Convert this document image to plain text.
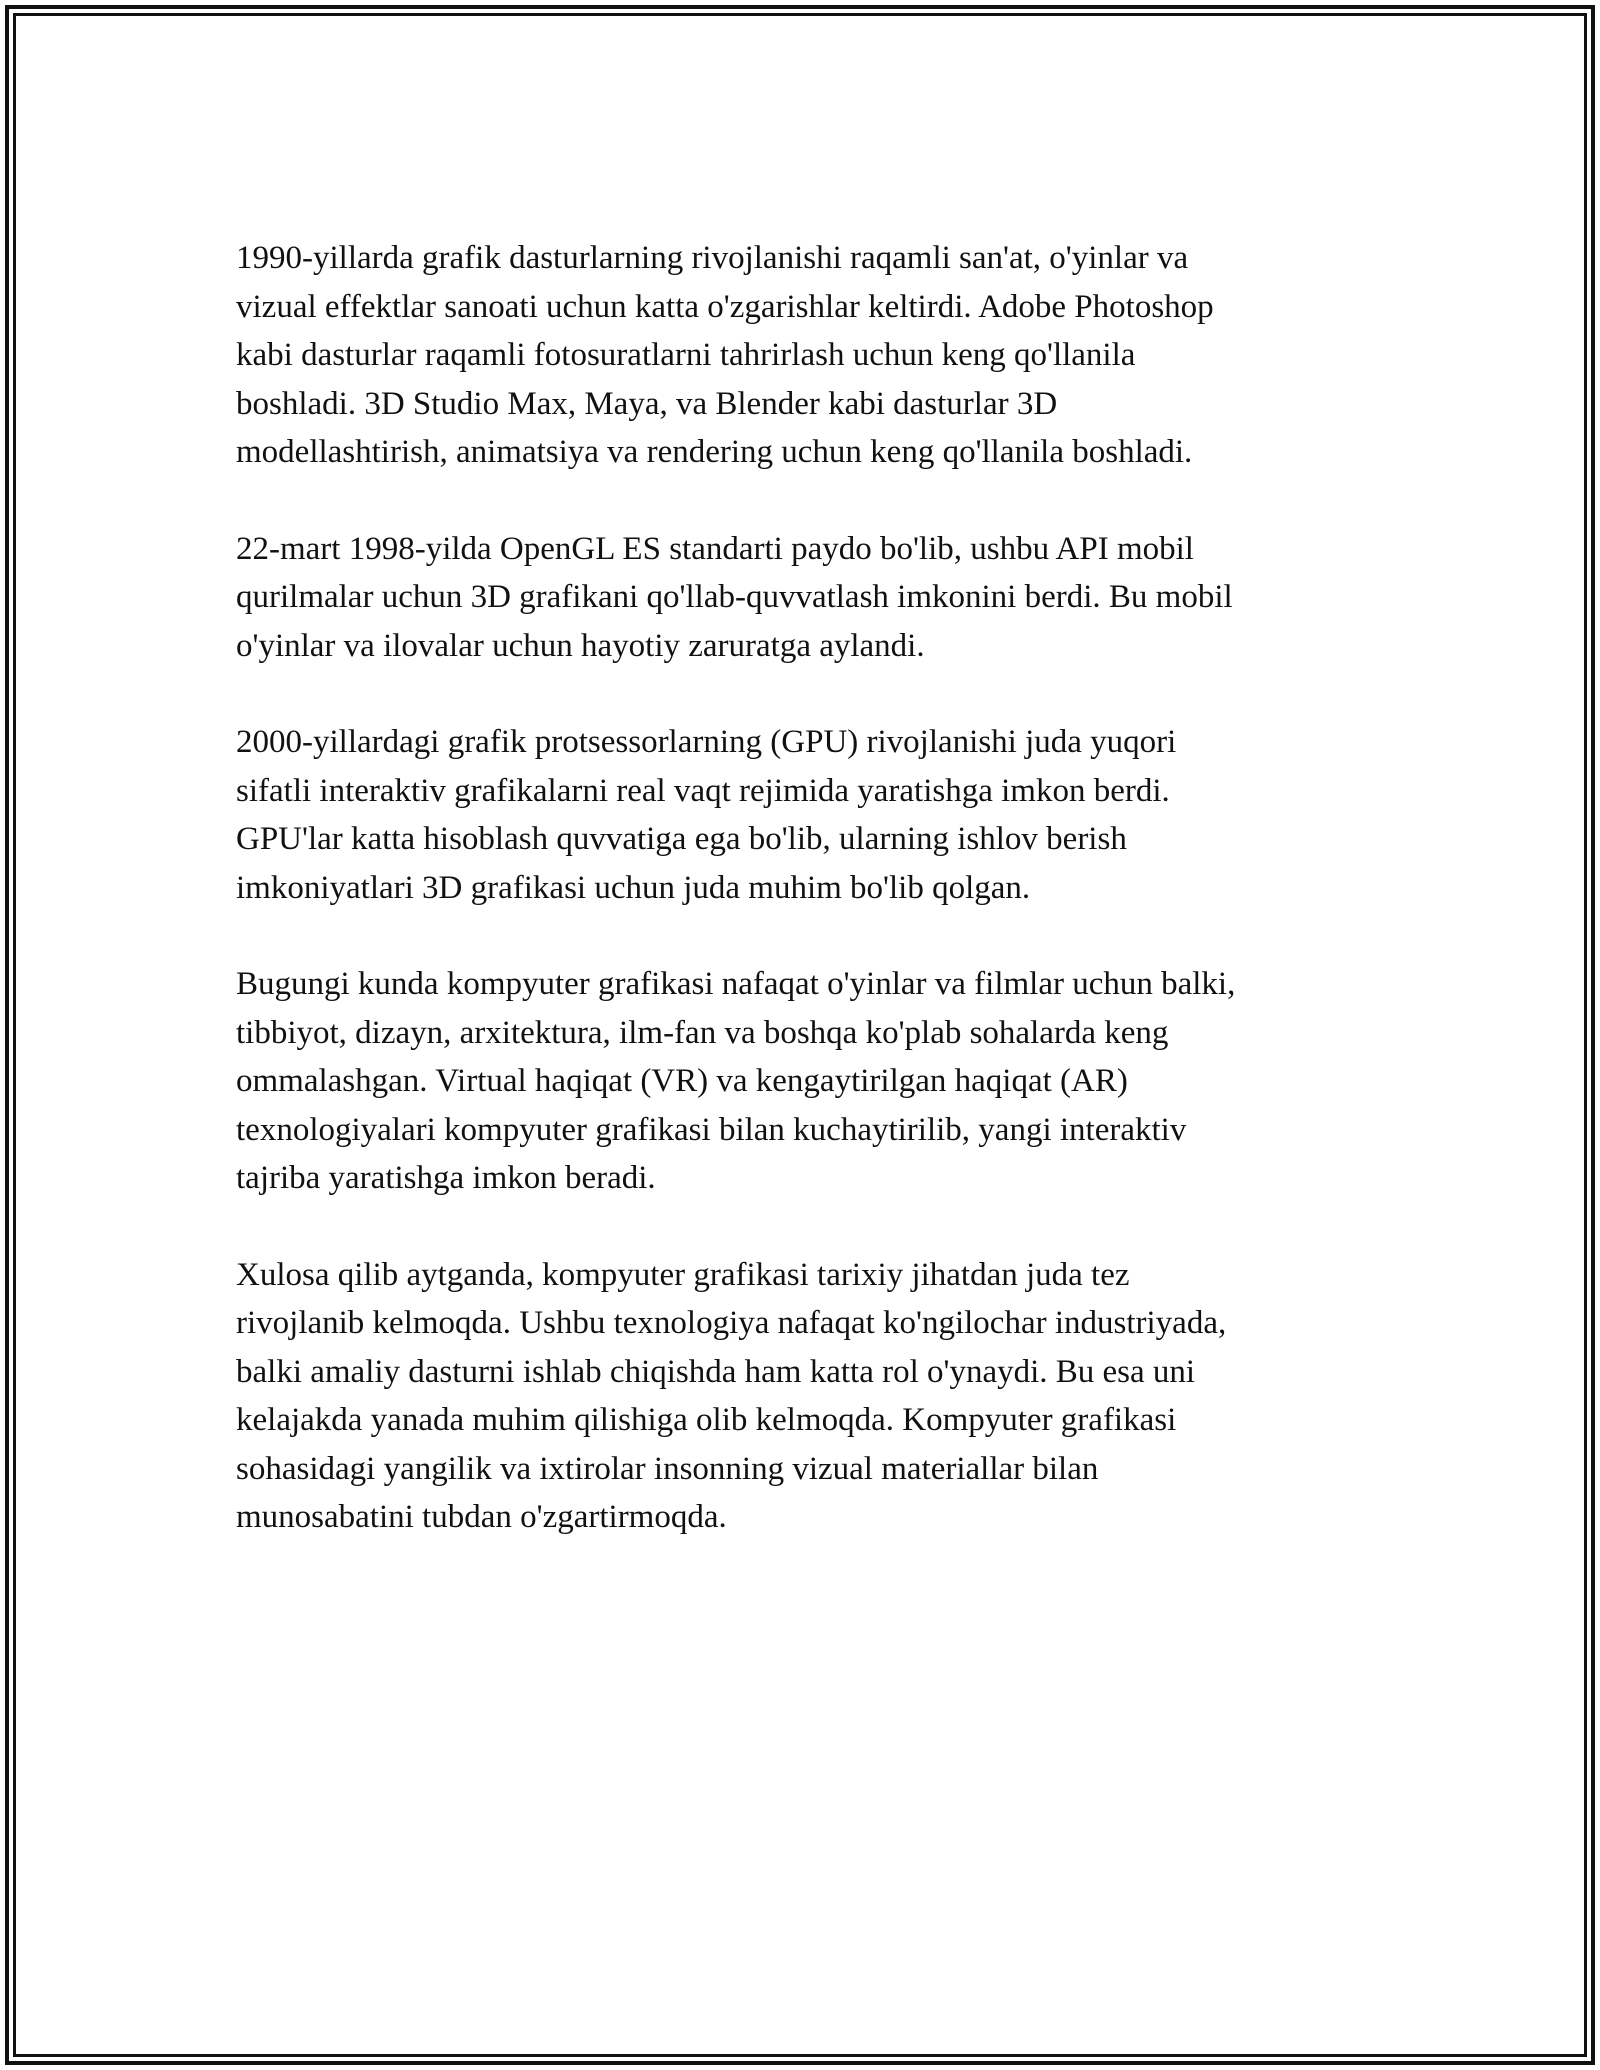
1990-yillarda grafik dasturlarning rivojlanishi raqamli san'at, o'yinlar va
vizual effektlar sanoati uchun katta o'zgarishlar keltirdi. Adobe Photoshop
kabi dasturlar raqamli fotosuratlarni tahrirlash uchun keng qo'llanila
boshladi. 3D Studio Max, Maya, va Blender kabi dasturlar 3D
modellashtirish, animatsiya va rendering uchun keng qo'llanila boshladi.

22-mart 1998-yilda OpenGL ES standarti paydo bo'lib, ushbu API mobil
qurilmalar uchun 3D grafikani qo'llab-quvvatlash imkonini berdi. Bu mobil
o'yinlar va ilovalar uchun hayotiy zaruratga aylandi.

2000-yillardagi grafik protsessorlarning (GPU) rivojlanishi juda yuqori
sifatli interaktiv grafikalarni real vaqt rejimida yaratishga imkon berdi.
GPU'lar katta hisoblash quvvatiga ega bo'lib, ularning ishlov berish
imkoniyatlari 3D grafikasi uchun juda muhim bo'lib qolgan.

Bugungi kunda kompyuter grafikasi nafaqat o'yinlar va filmlar uchun balki,
tibbiyot, dizayn, arxitektura, ilm-fan va boshqa ko'plab sohalarda keng
ommalashgan. Virtual haqiqat (VR) va kengaytirilgan haqiqat (AR)
texnologiyalari kompyuter grafikasi bilan kuchaytirilib, yangi interaktiv
tajriba yaratishga imkon beradi.

Xulosa qilib aytganda, kompyuter grafikasi tarixiy jihatdan juda tez
rivojlanib kelmoqda. Ushbu texnologiya nafaqat ko'ngilochar industriyada,
balki amaliy dasturni ishlab chiqishda ham katta rol o'ynaydi. Bu esa uni
kelajakda yanada muhim qilishiga olib kelmoqda. Kompyuter grafikasi
sohasidagi yangilik va ixtirolar insonning vizual materiallar bilan
munosabatini tubdan o'zgartirmoqda.
